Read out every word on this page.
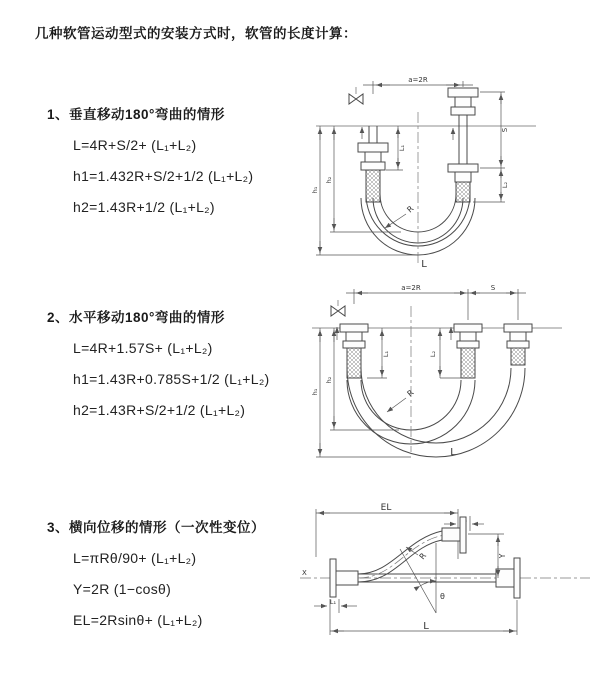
几种软管运动型式的安装方式时，软管的长度计算：
1、垂直移动180°弯曲的情形
L=4R+S/2+ (L₁+L₂)
h1=1.432R+S/2+1/2 (L₁+L₂)
h2=1.43R+1/2 (L₁+L₂)
2、水平移动180°弯曲的情形
L=4R+1.57S+ (L₁+L₂)
h1=1.43R+0.785S+1/2 (L₁+L₂)
h2=1.43R+S/2+1/2 (L₁+L₂)
3、横向位移的情形（一次性变位）
L=πRθ/90+ (L₁+L₂)
Y=2R (1−cosθ)
EL=2Rsinθ+ (L₁+L₂)
a=2R
L₁
S
L₂
R
h₁
h₂
L
a=2R	S
L₁	L₂
R
h₁
h₂
L
X
EL
Y
R
θ
L₁
L
